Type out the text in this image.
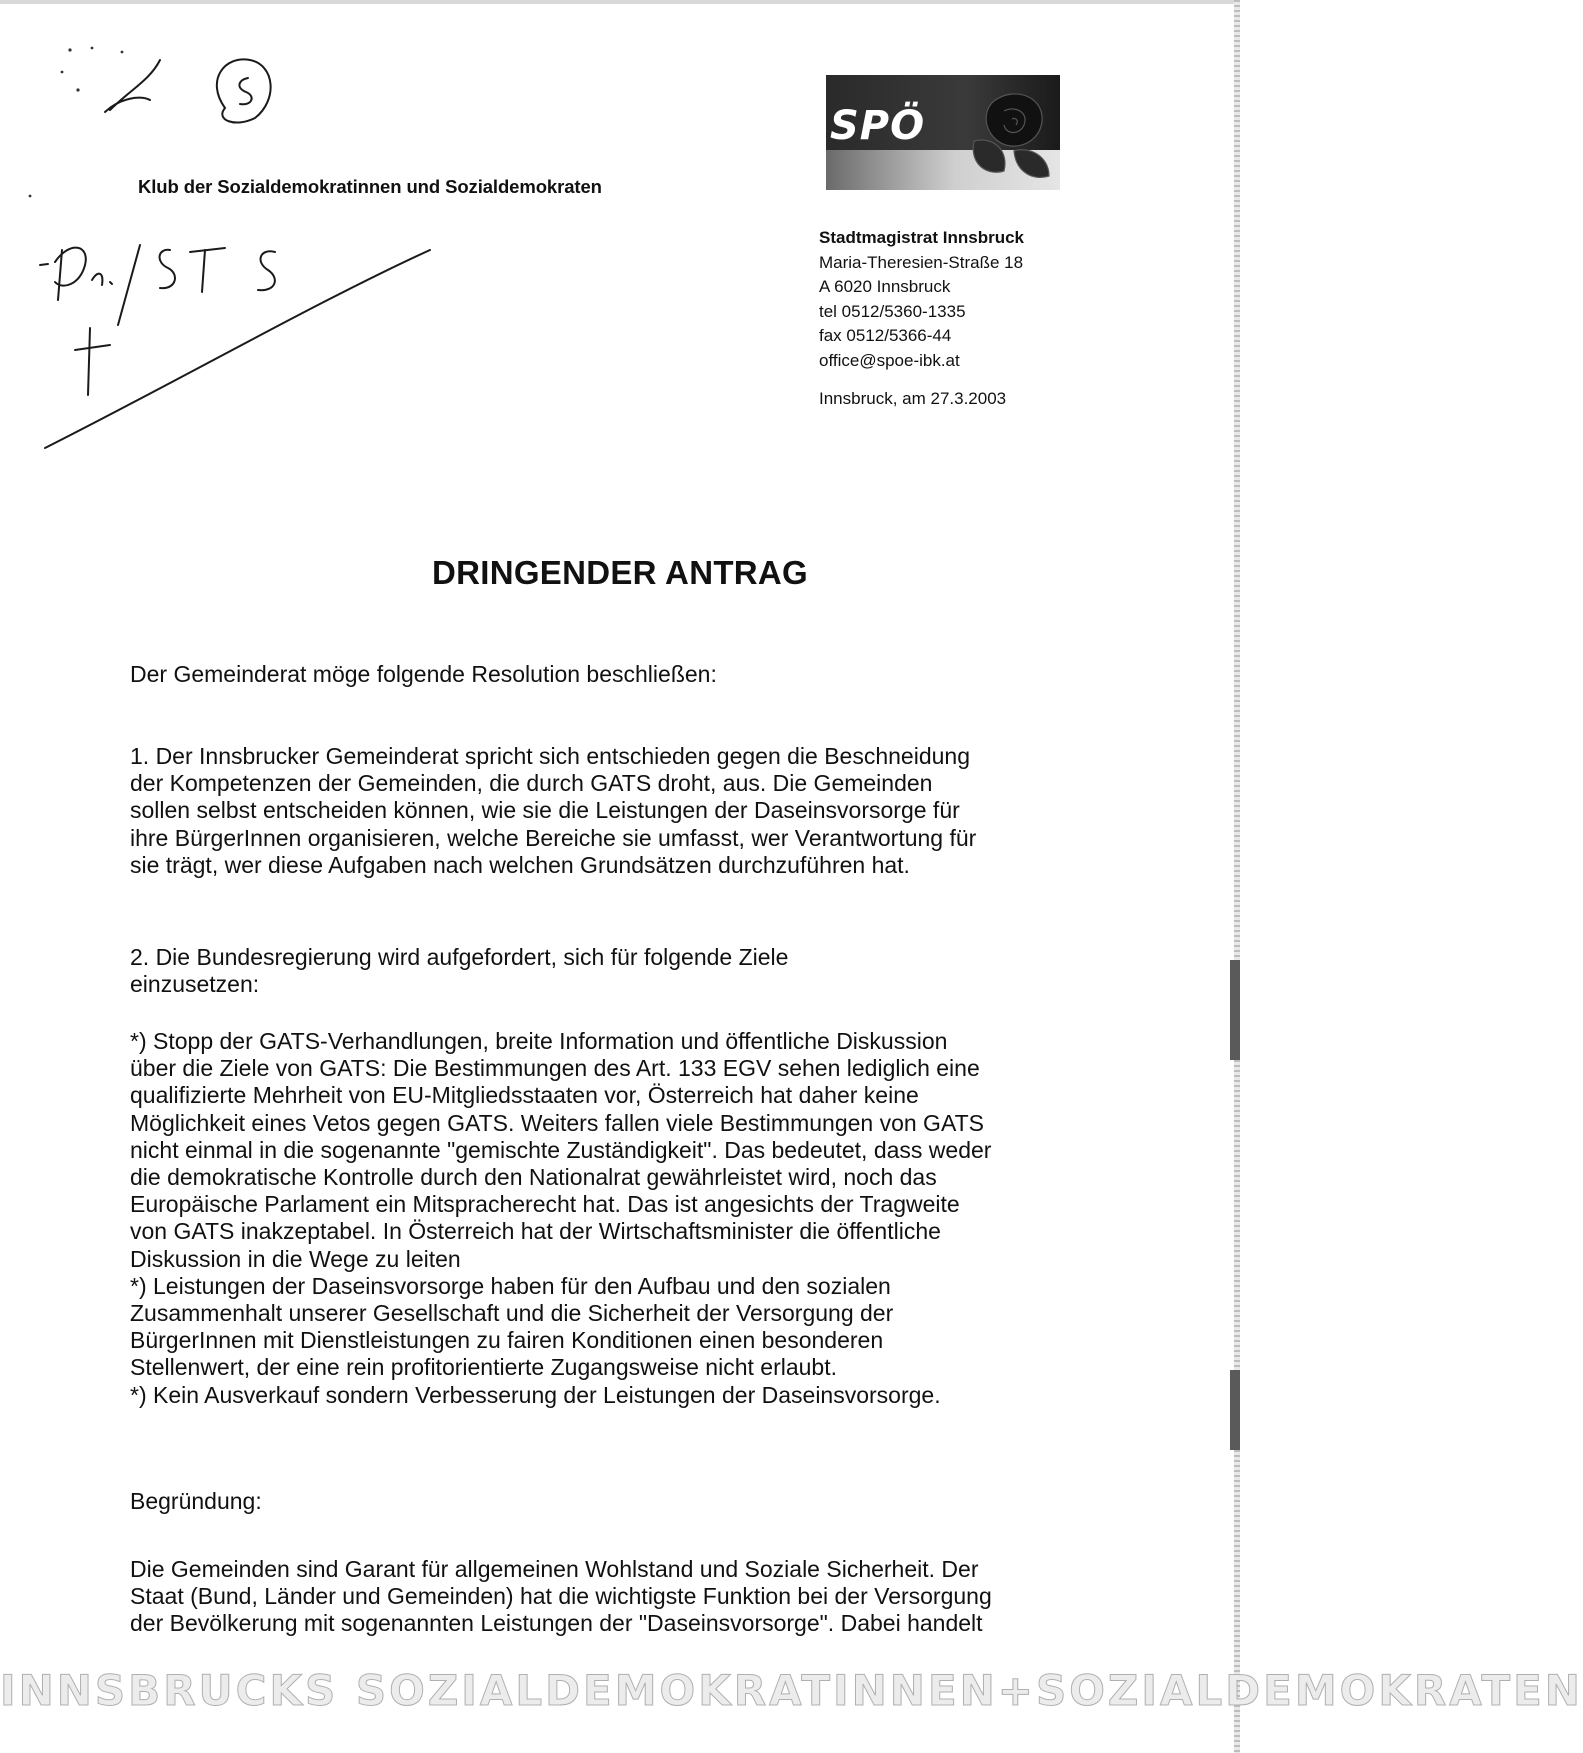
Klub der Sozialdemokratinnen und Sozialdemokraten
SPÖ
Stadtmagistrat Innsbruck
Maria-Theresien-Straße 18
A 6020 Innsbruck
tel 0512/5360-1335
fax 0512/5366-44
office@spoe-ibk.at
Innsbruck, am 27.3.2003
DRINGENDER ANTRAG

Der Gemeinderat möge folgende Resolution beschließen:

1. Der Innsbrucker Gemeinderat spricht sich entschieden gegen die Beschneidung

der Kompetenzen der Gemeinden, die durch GATS droht, aus. Die Gemeinden

sollen selbst entscheiden können, wie sie die Leistungen der Daseinsvorsorge für

ihre BürgerInnen organisieren, welche Bereiche sie umfasst, wer Verantwortung für

sie trägt, wer diese Aufgaben nach welchen Grundsätzen durchzuführen hat.

2. Die Bundesregierung wird aufgefordert, sich für folgende Ziele

einzusetzen:

*) Stopp der GATS-Verhandlungen, breite Information und öffentliche Diskussion

über die Ziele von GATS: Die Bestimmungen des Art. 133 EGV sehen lediglich eine

qualifizierte Mehrheit von EU-Mitgliedsstaaten vor, Österreich hat daher keine

Möglichkeit eines Vetos gegen GATS. Weiters fallen viele Bestimmungen von GATS

nicht einmal in die sogenannte "gemischte Zuständigkeit". Das bedeutet, dass weder

die demokratische Kontrolle durch den Nationalrat gewährleistet wird, noch das

Europäische Parlament ein Mitspracherecht hat. Das ist angesichts der Tragweite

von GATS inakzeptabel. In Österreich hat der Wirtschaftsminister die öffentliche

Diskussion in die Wege zu leiten

*) Leistungen der Daseinsvorsorge haben für den Aufbau und den sozialen

Zusammenhalt unserer Gesellschaft und die Sicherheit der Versorgung der

BürgerInnen mit Dienstleistungen zu fairen Konditionen einen besonderen

Stellenwert, der eine rein profitorientierte Zugangsweise nicht erlaubt.

*) Kein Ausverkauf sondern Verbesserung der Leistungen der Daseinsvorsorge.

Begründung:

Die Gemeinden sind Garant für allgemeinen Wohlstand und Soziale Sicherheit. Der

Staat (Bund, Länder und Gemeinden) hat die wichtigste Funktion bei der Versorgung

der Bevölkerung mit sogenannten Leistungen der "Daseinsvorsorge". Dabei handelt

INNSBRUCKS SOZIALDEMOKRATINNEN+SOZIALDEMOKRATEN
